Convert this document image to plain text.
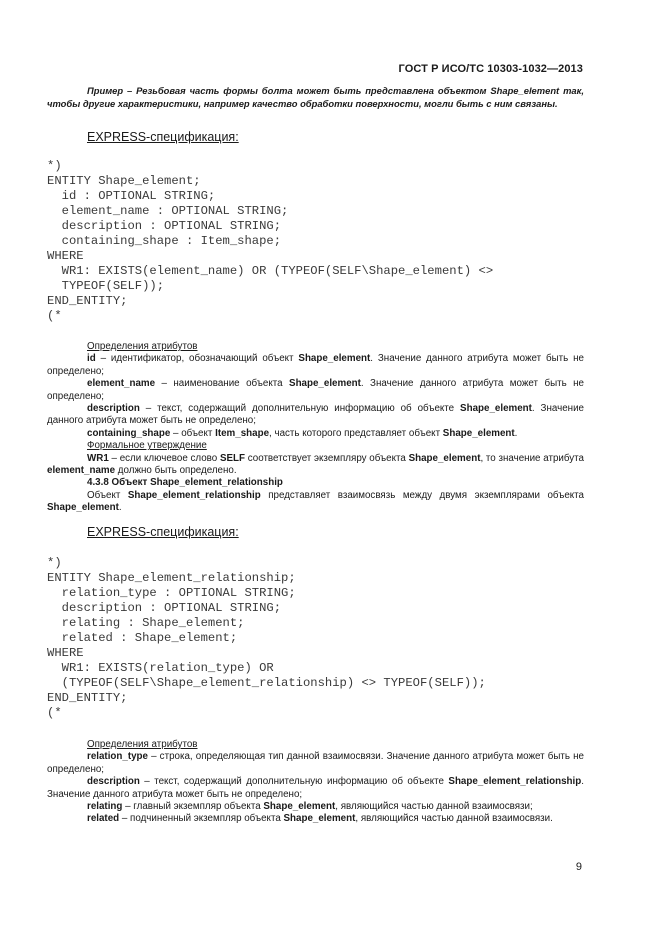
ГОСТ Р ИСО/ТС 10303-1032—2013
Пример – Резьбовая часть формы болта может быть представлена объектом Shape_element так, чтобы другие характеристики, например качество обработки поверхности, могли быть с ним связаны.
EXPRESS-спецификация:
*)
ENTITY Shape_element;
id : OPTIONAL STRING;
element_name : OPTIONAL STRING;
description : OPTIONAL STRING;
containing_shape : Item_shape;
WHERE
WR1: EXISTS(element_name) OR (TYPEOF(SELF\Shape_element) <>
TYPEOF(SELF));
END_ENTITY;
(*

Определения атрибутов

id – идентификатор, обозначающий объект Shape_element. Значение данного атрибута может быть не определено;

element_name – наименование объекта Shape_element. Значение данного атрибута может быть не определено;

description – текст, содержащий дополнительную информацию об объекте Shape_element. Значение данного атрибута может быть не определено;

containing_shape – объект Item_shape, часть которого представляет объект Shape_element.

Формальное утверждение

WR1 – если ключевое слово SELF соответствует экземпляру объекта Shape_element, то значение атрибута element_name должно быть определено.

4.3.8 Объект Shape_element_relationship

Объект Shape_element_relationship представляет взаимосвязь между двумя экземплярами объекта Shape_element.

EXPRESS-спецификация:
*)
ENTITY Shape_element_relationship;
relation_type : OPTIONAL STRING;
description : OPTIONAL STRING;
relating : Shape_element;
related : Shape_element;
WHERE
WR1: EXISTS(relation_type) OR
(TYPEOF(SELF\Shape_element_relationship) <> TYPEOF(SELF));
END_ENTITY;
(*

Определения атрибутов

relation_type – строка, определяющая тип данной взаимосвязи. Значение данного атрибута может быть не определено;

description – текст, содержащий дополнительную информацию об объекте Shape_element_relationship. Значение данного атрибута может быть не определено;

relating – главный экземпляр объекта Shape_element, являющийся частью данной взаимосвязи;

related – подчиненный экземпляр объекта Shape_element, являющийся частью данной взаимосвязи.

9
